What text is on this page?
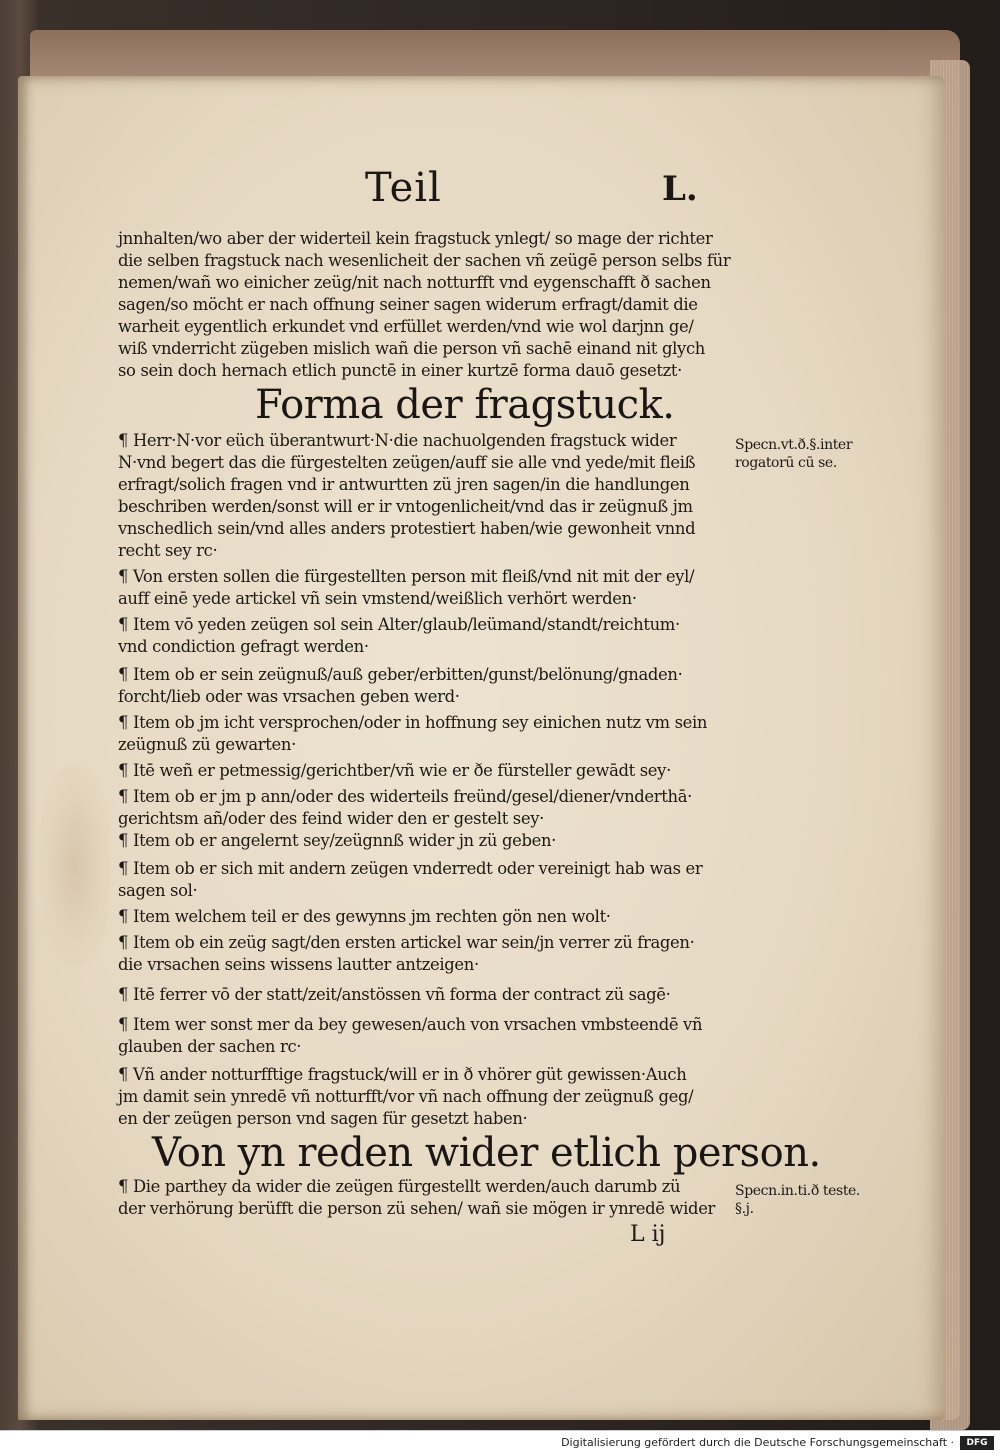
Teil	L.
jnnhalten/wo aber der widerteil kein fragstuck ynlegt/ so mage der richter
die selben fragstuck nach wesenlicheit der sachen vñ zeügē person selbs für
nemen/wañ wo einicher zeüg/nit nach notturfft vnd eygenschafft ð sachen
sagen/so möcht er nach offnung seiner sagen widerum erfragt/damit die
warheit eygentlich erkundet vnd erfüllet werden/vnd wie wol darjnn ge/
wiß vnderricht zügeben mislich wañ die person vñ sachē einand nit glych
so sein doch hernach etlich punctē in einer kurtzē forma dauō gesetzt·
Forma der fragstuck.
¶ Herr·N·vor eüch überantwurt·N·die nachuolgenden fragstuck wider
N·vnd begert das die fürgestelten zeügen/auff sie alle vnd yede/mit fleiß
erfragt/solich fragen vnd ir antwurtten zü jren sagen/in die handlungen
beschriben werden/sonst will er ir vntogenlicheit/vnd das ir zeügnuß jm
vnschedlich sein/vnd alles anders protestiert haben/wie gewonheit vnnd
recht sey rc·
¶ Von ersten sollen die fürgestellten person mit fleiß/vnd nit mit der eyl/
auff einē yede artickel vñ sein vmstend/weißlich verhört werden·
¶ Item vō yeden zeügen sol sein Alter/glaub/leümand/standt/reichtum·
vnd condiction gefragt werden·
¶ Item ob er sein zeügnuß/auß geber/erbitten/gunst/belönung/gnaden·
forcht/lieb oder was vrsachen geben werd·
¶ Item ob jm icht versprochen/oder in hoffnung sey einichen nutz vm sein
zeügnuß zü gewarten·
¶ Itē weñ er petmessig/gerichtber/vñ wie er ðe fürsteller gewādt sey·
¶ Item ob er jm p ann/oder des widerteils freünd/gesel/diener/vnderthā·
gerichtsm añ/oder des feind wider den er gestelt sey·
¶ Item ob er angelernt sey/zeügnnß wider jn zü geben·
¶ Item ob er sich mit andern zeügen vnderredt oder vereinigt hab was er
sagen sol·
¶ Item welchem teil er des gewynns jm rechten gön nen wolt·
¶ Item ob ein zeüg sagt/den ersten artickel war sein/jn verrer zü fragen·
die vrsachen seins wissens lautter antzeigen·
¶ Itē ferrer vō der statt/zeit/anstössen vñ forma der contract zü sagē·
¶ Item wer sonst mer da bey gewesen/auch von vrsachen vmbsteendē vñ
glauben der sachen rc·
¶ Vñ ander notturfftige fragstuck/will er in ð vhörer güt gewissen·Auch
jm damit sein ynredē vñ notturfft/vor vñ nach offnung der zeügnuß geg/
en der zeügen person vnd sagen für gesetzt haben·
Von yn reden wider etlich person.
¶ Die parthey da wider die zeügen fürgestellt werden/auch darumb zü
der verhörung berüfft die person zü sehen/ wañ sie mögen ir ynredē wider
L ij
Specn.vt.ð.§.inter
rogatorū cū se.
Specn.in.ti.ð teste.
§.j.
Digitalisierung gefördert durch die Deutsche Forschungsgemeinschaft ·	DFG
